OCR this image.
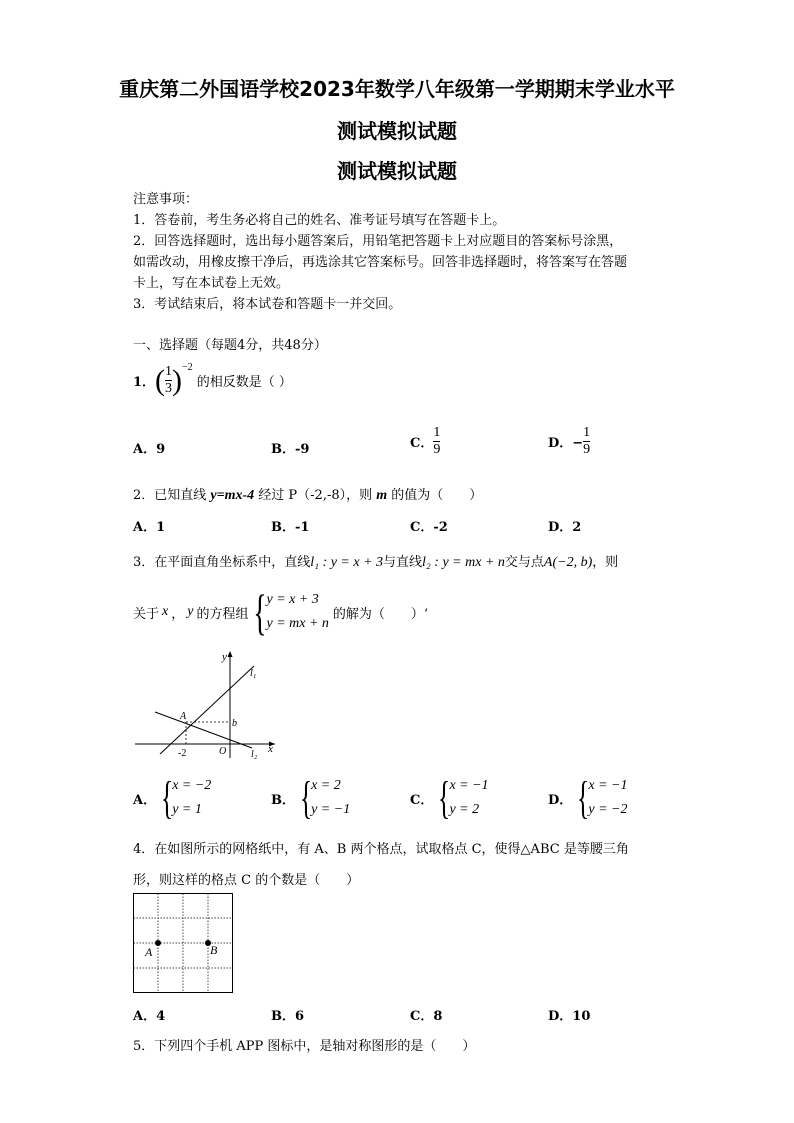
重庆第二外国语学校2023年数学八年级第一学期期末学业水平
测试模拟试题
测试模拟试题
注意事项：
1．答卷前，考生务必将自己的姓名、准考证号填写在答题卡上。
2．回答选择题时，选出每小题答案后，用铅笔把答题卡上对应题目的答案标号涂黑，
如需改动，用橡皮擦干净后，再选涂其它答案标号。回答非选择题时，将答案写在答题
卡上，写在本试卷上无效。
3．考试结束后，将本试卷和答题卡一并交回。
一、选择题（每题4分，共48分）
1． ( $\frac{1}{3} )^{-2}$
的相反数是（ ）
A．9	B．-9	C． $\frac{1}{9}$	D．− $\frac{1}{9}$
2．已知直线 y=mx-4 经过 P（-2,-8），则 m 的值为（　　）
A．1	B．-1	C．-2	D．2
3．在平面直角坐标系中，直线l₁ : y = x + 3与直线l₂ : y = mx + n交与点A(−2, b)，则
关于 x ， y 的方程组 { y = x + 3
y = mx + n
的解为（　　）‘
y
x
l₁
l₂
A
b
-2	O
A． {
x = −2
y = 1
B． {
x = 2
y = −1
C． {
x = −1
y = 2
D． {
x = −1
y = −2
4．在如图所示的网格纸中，有 A、B 两个格点，试取格点 C，使得△ABC 是等腰三角
形，则这样的格点 C 的个数是（　　）
A	B
A．4	B．6	C．8	D．10
5．下列四个手机 APP 图标中，是轴对称图形的是（　　）
